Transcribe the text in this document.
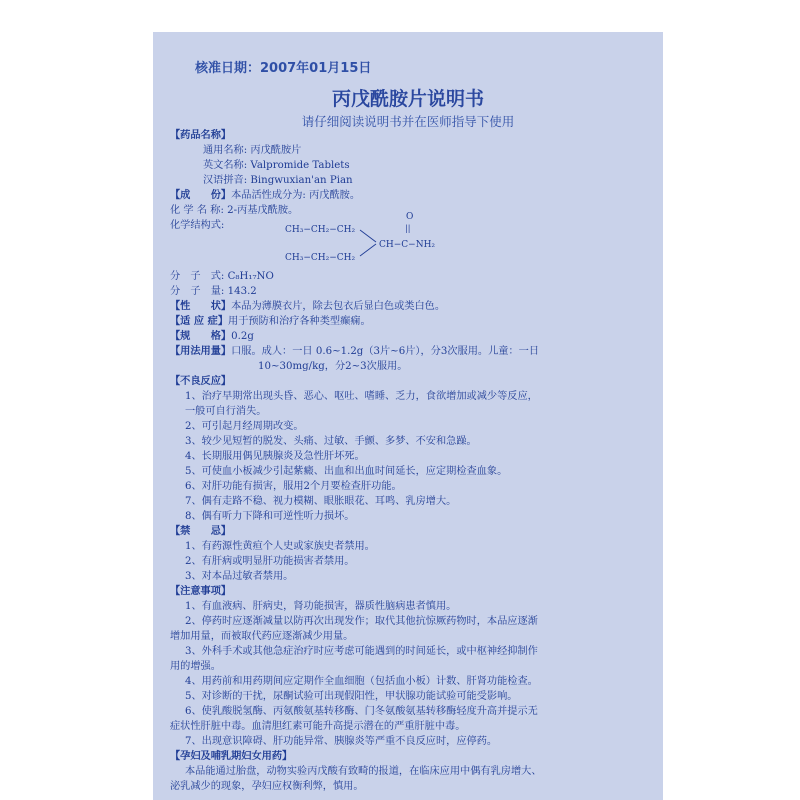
核准日期：2007年01月15日
丙戊酰胺片说明书
请仔细阅读说明书并在医师指导下使用
【药品名称】
通用名称: 丙戊酰胺片
英文名称: Valpromide Tablets
汉语拼音: Bingwuxian'an Pian
【成　　份】本品活性成分为: 丙戊酰胺。
化 学 名 称: 2-丙基戊酰胺。
化学结构式:
O
||
CH₃−CH₂−CH₂
CH₃−CH₂−CH₂
CH−C−NH₂
分　子　式: C₈H₁₇NO
分　子　量: 143.2
【性　　状】本品为薄膜衣片，除去包衣后显白色或类白色。
【适 应 症】用于预防和治疗各种类型癫痫。
【规　　格】0.2g
【用法用量】口服。成人：一日 0.6~1.2g（3片~6片），分3次服用。儿童：一日
10~30mg/kg，分2~3次服用。
【不良反应】
1、治疗早期常出现头昏、恶心、呕吐、嗜睡、乏力，食欲增加或减少等反应，
一般可自行消失。
2、可引起月经周期改变。
3、较少见短暂的脱发、头痛、过敏、手颤、多梦、不安和急躁。
4、长期服用偶见胰腺炎及急性肝坏死。
5、可使血小板减少引起紫癜、出血和出血时间延长，应定期检查血象。
6、对肝功能有损害，服用2个月要检查肝功能。
7、偶有走路不稳、视力模糊、眼胀眼花、耳鸣、乳房增大。
8、偶有听力下降和可逆性听力损坏。
【禁　　忌】
1、有药源性黄疸个人史或家族史者禁用。
2、有肝病或明显肝功能损害者禁用。
3、对本品过敏者禁用。
【注意事项】
1、有血液病、肝病史，肾功能损害，器质性脑病患者慎用。
2、停药时应逐渐减量以防再次出现发作；取代其他抗惊厥药物时，本品应逐渐
增加用量，而被取代药应逐渐减少用量。
3、外科手术或其他急症治疗时应考虑可能遇到的时间延长，或中枢神经抑制作
用的增强。
4、用药前和用药期间应定期作全血细胞（包括血小板）计数、肝肾功能检查。
5、对诊断的干扰，尿酮试验可出现假阳性，甲状腺功能试验可能受影响。
6、使乳酸脱氢酶、丙氨酸氨基转移酶、门冬氨酸氨基转移酶轻度升高并提示无
症状性肝脏中毒。血清胆红素可能升高提示潜在的严重肝脏中毒。
7、出现意识障碍、肝功能异常、胰腺炎等严重不良反应时，应停药。
【孕妇及哺乳期妇女用药】
本品能通过胎盘，动物实验丙戊酸有致畸的报道，在临床应用中偶有乳房增大、
泌乳减少的现象，孕妇应权衡利弊，慎用。
